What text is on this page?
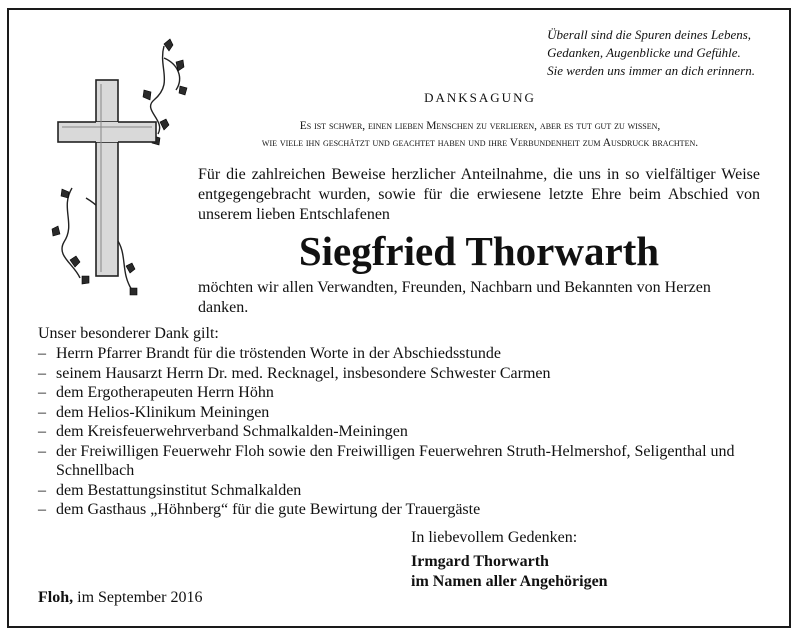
Überall sind die Spuren deines Lebens,
Gedanken, Augenblicke und Gefühle.
Sie werden uns immer an dich erinnern.
DANKSAGUNG
Es ist schwer, einen lieben Menschen zu verlieren, aber es tut gut zu wissen,
wie viele ihn geschätzt und geachtet haben und ihre Verbundenheit zum Ausdruck brachten.
Für die zahlreichen Beweise herzlicher Anteilnahme, die uns in so vielfältiger Weise entgegengebracht wurden, sowie für die erwiesene letzte Ehre beim Abschied von unserem lieben Entschlafenen
Siegfried Thorwarth
möchten wir allen Verwandten, Freunden, Nachbarn und Bekannten von Herzen danken.
Unser besonderer Dank gilt:
– Herrn Pfarrer Brandt für die tröstenden Worte in der Abschiedsstunde
– seinem Hausarzt Herrn Dr. med. Recknagel, insbesondere Schwester Carmen
– dem Ergotherapeuten Herrn Höhn
– dem Helios-Klinikum Meiningen
– dem Kreisfeuerwehrverband Schmalkalden-Meiningen
– der Freiwilligen Feuerwehr Floh sowie den Freiwilligen Feuerwehren Struth-Helmershof, Seligenthal und Schnellbach
– dem Bestattungsinstitut Schmalkalden
– dem Gasthaus „Höhnberg“ für die gute Bewirtung der Trauergäste
In liebevollem Gedenken:
Irmgard Thorwarth
im Namen aller Angehörigen
Floh, im September 2016
